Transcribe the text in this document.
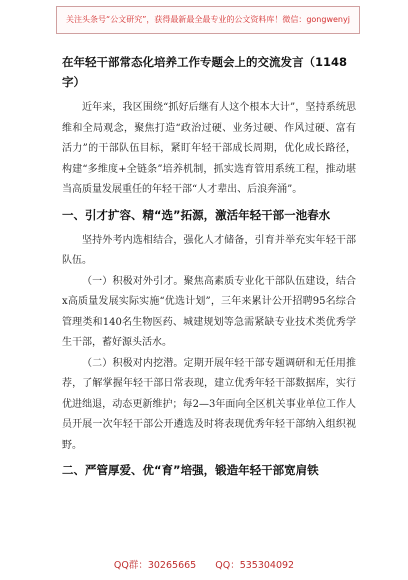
关注头条号“公文研究”，获得最新最全最专业的公文资料库！微信：gongwenyj
在年轻干部常态化培养工作专题会上的交流发言（1148字）

近年来，我区围绕“抓好后继有人这个根本大计”，坚持系统思维和全局观念，聚焦打造“政治过硬、业务过硬、作风过硬、富有活力”的干部队伍目标，紧盯年轻干部成长周期，优化成长路径，构建“多维度+全链条”培养机制，抓实选育管用系统工程，推动堪当高质量发展重任的年轻干部“人才辈出、后浪奔涌”。

一、引才扩容、精“选”拓源，激活年轻干部一池春水

坚持外考内选相结合，强化人才储备，引育并举充实年轻干部队伍。

（一）积极对外引才。聚焦高素质专业化干部队伍建设，结合x高质量发展实际实施“优选计划”，三年来累计公开招聘95名综合管理类和140名生物医药、城建规划等急需紧缺专业技术类优秀学生干部，蓄好源头活水。

（二）积极对内挖潜。定期开展年轻干部专题调研和无任用推荐，了解掌握年轻干部日常表现，建立优秀年轻干部数据库，实行优进绌退，动态更新维护；每2—3年面向全区机关事业单位工作人员开展一次年轻干部公开遴选及时将表现优秀年轻干部纳入组织视野。

二、严管厚爱、优“育”培强，锻造年轻干部宽肩铁
QQ群：30265665 QQ：535304092
